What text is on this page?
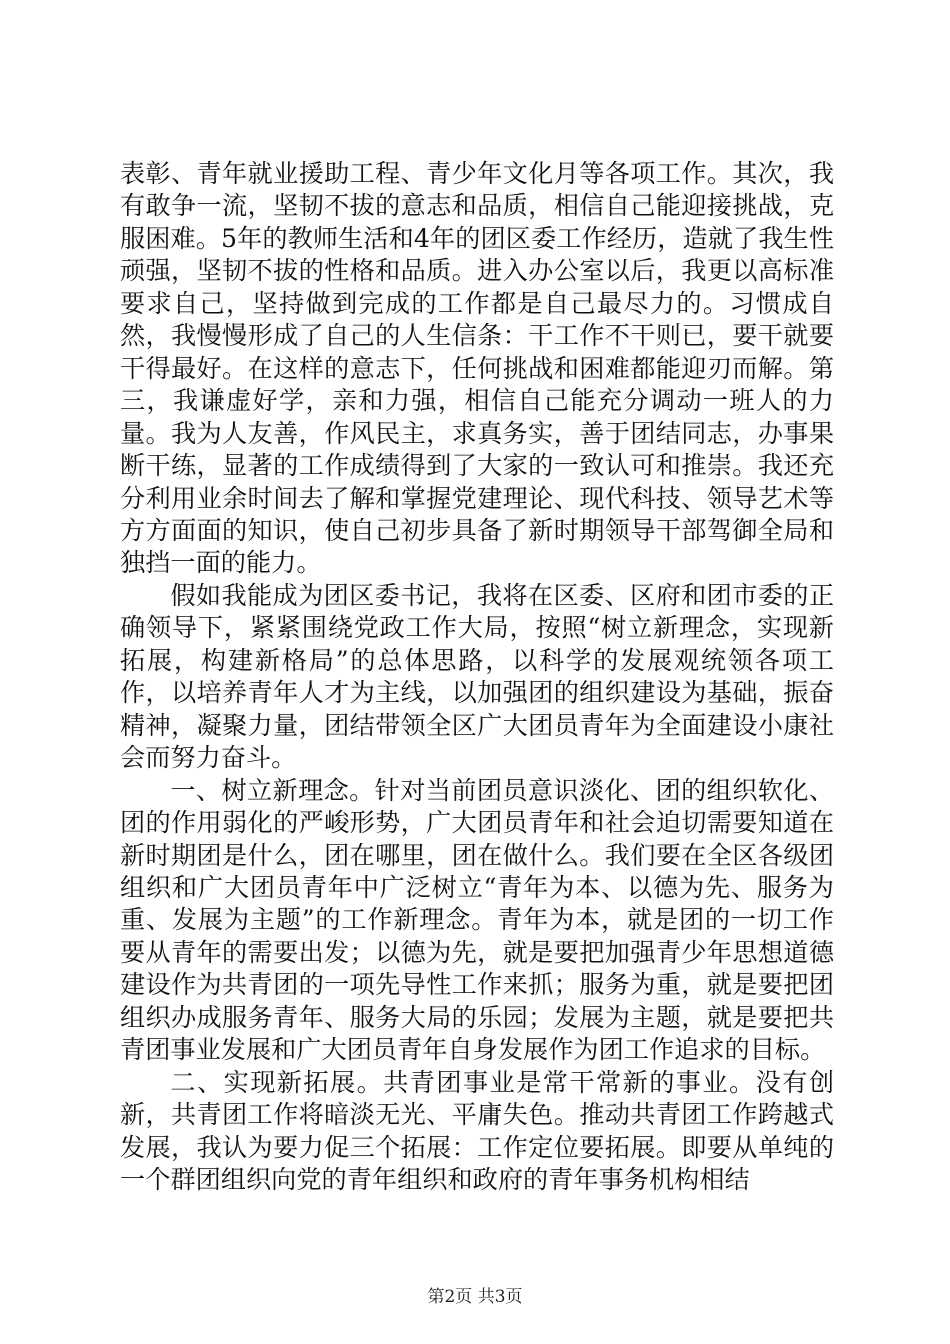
表彰、青年就业援助工程、青少年文化月等各项工作。其次，我有敢争一流，坚韧不拔的意志和品质，相信自己能迎接挑战，克服困难。5年的教师生活和4年的团区委工作经历，造就了我生性顽强，坚韧不拔的性格和品质。进入办公室以后，我更以高标准要求自己，坚持做到完成的工作都是自己最尽力的。习惯成自然，我慢慢形成了自己的人生信条：干工作不干则已，要干就要干得最好。在这样的意志下，任何挑战和困难都能迎刃而解。第三，我谦虚好学，亲和力强，相信自己能充分调动一班人的力量。我为人友善，作风民主，求真务实，善于团结同志，办事果断干练，显著的工作成绩得到了大家的一致认可和推崇。我还充分利用业余时间去了解和掌握党建理论、现代科技、领导艺术等方方面面的知识，使自己初步具备了新时期领导干部驾御全局和独挡一面的能力。

假如我能成为团区委书记，我将在区委、区府和团市委的正确领导下，紧紧围绕党政工作大局，按照“树立新理念，实现新拓展，构建新格局”的总体思路，以科学的发展观统领各项工作，以培养青年人才为主线，以加强团的组织建设为基础，振奋精神，凝聚力量，团结带领全区广大团员青年为全面建设小康社会而努力奋斗。

一、树立新理念。针对当前团员意识淡化、团的组织软化、团的作用弱化的严峻形势，广大团员青年和社会迫切需要知道在新时期团是什么，团在哪里，团在做什么。我们要在全区各级团组织和广大团员青年中广泛树立“青年为本、以德为先、服务为重、发展为主题”的工作新理念。青年为本，就是团的一切工作要从青年的需要出发；以德为先，就是要把加强青少年思想道德建设作为共青团的一项先导性工作来抓；服务为重，就是要把团组织办成服务青年、服务大局的乐园；发展为主题，就是要把共青团事业发展和广大团员青年自身发展作为团工作追求的目标。

二、实现新拓展。共青团事业是常干常新的事业。没有创新，共青团工作将暗淡无光、平庸失色。推动共青团工作跨越式发展，我认为要力促三个拓展：工作定位要拓展。即要从单纯的一个群团组织向党的青年组织和政府的青年事务机构相结

第2页 共3页
